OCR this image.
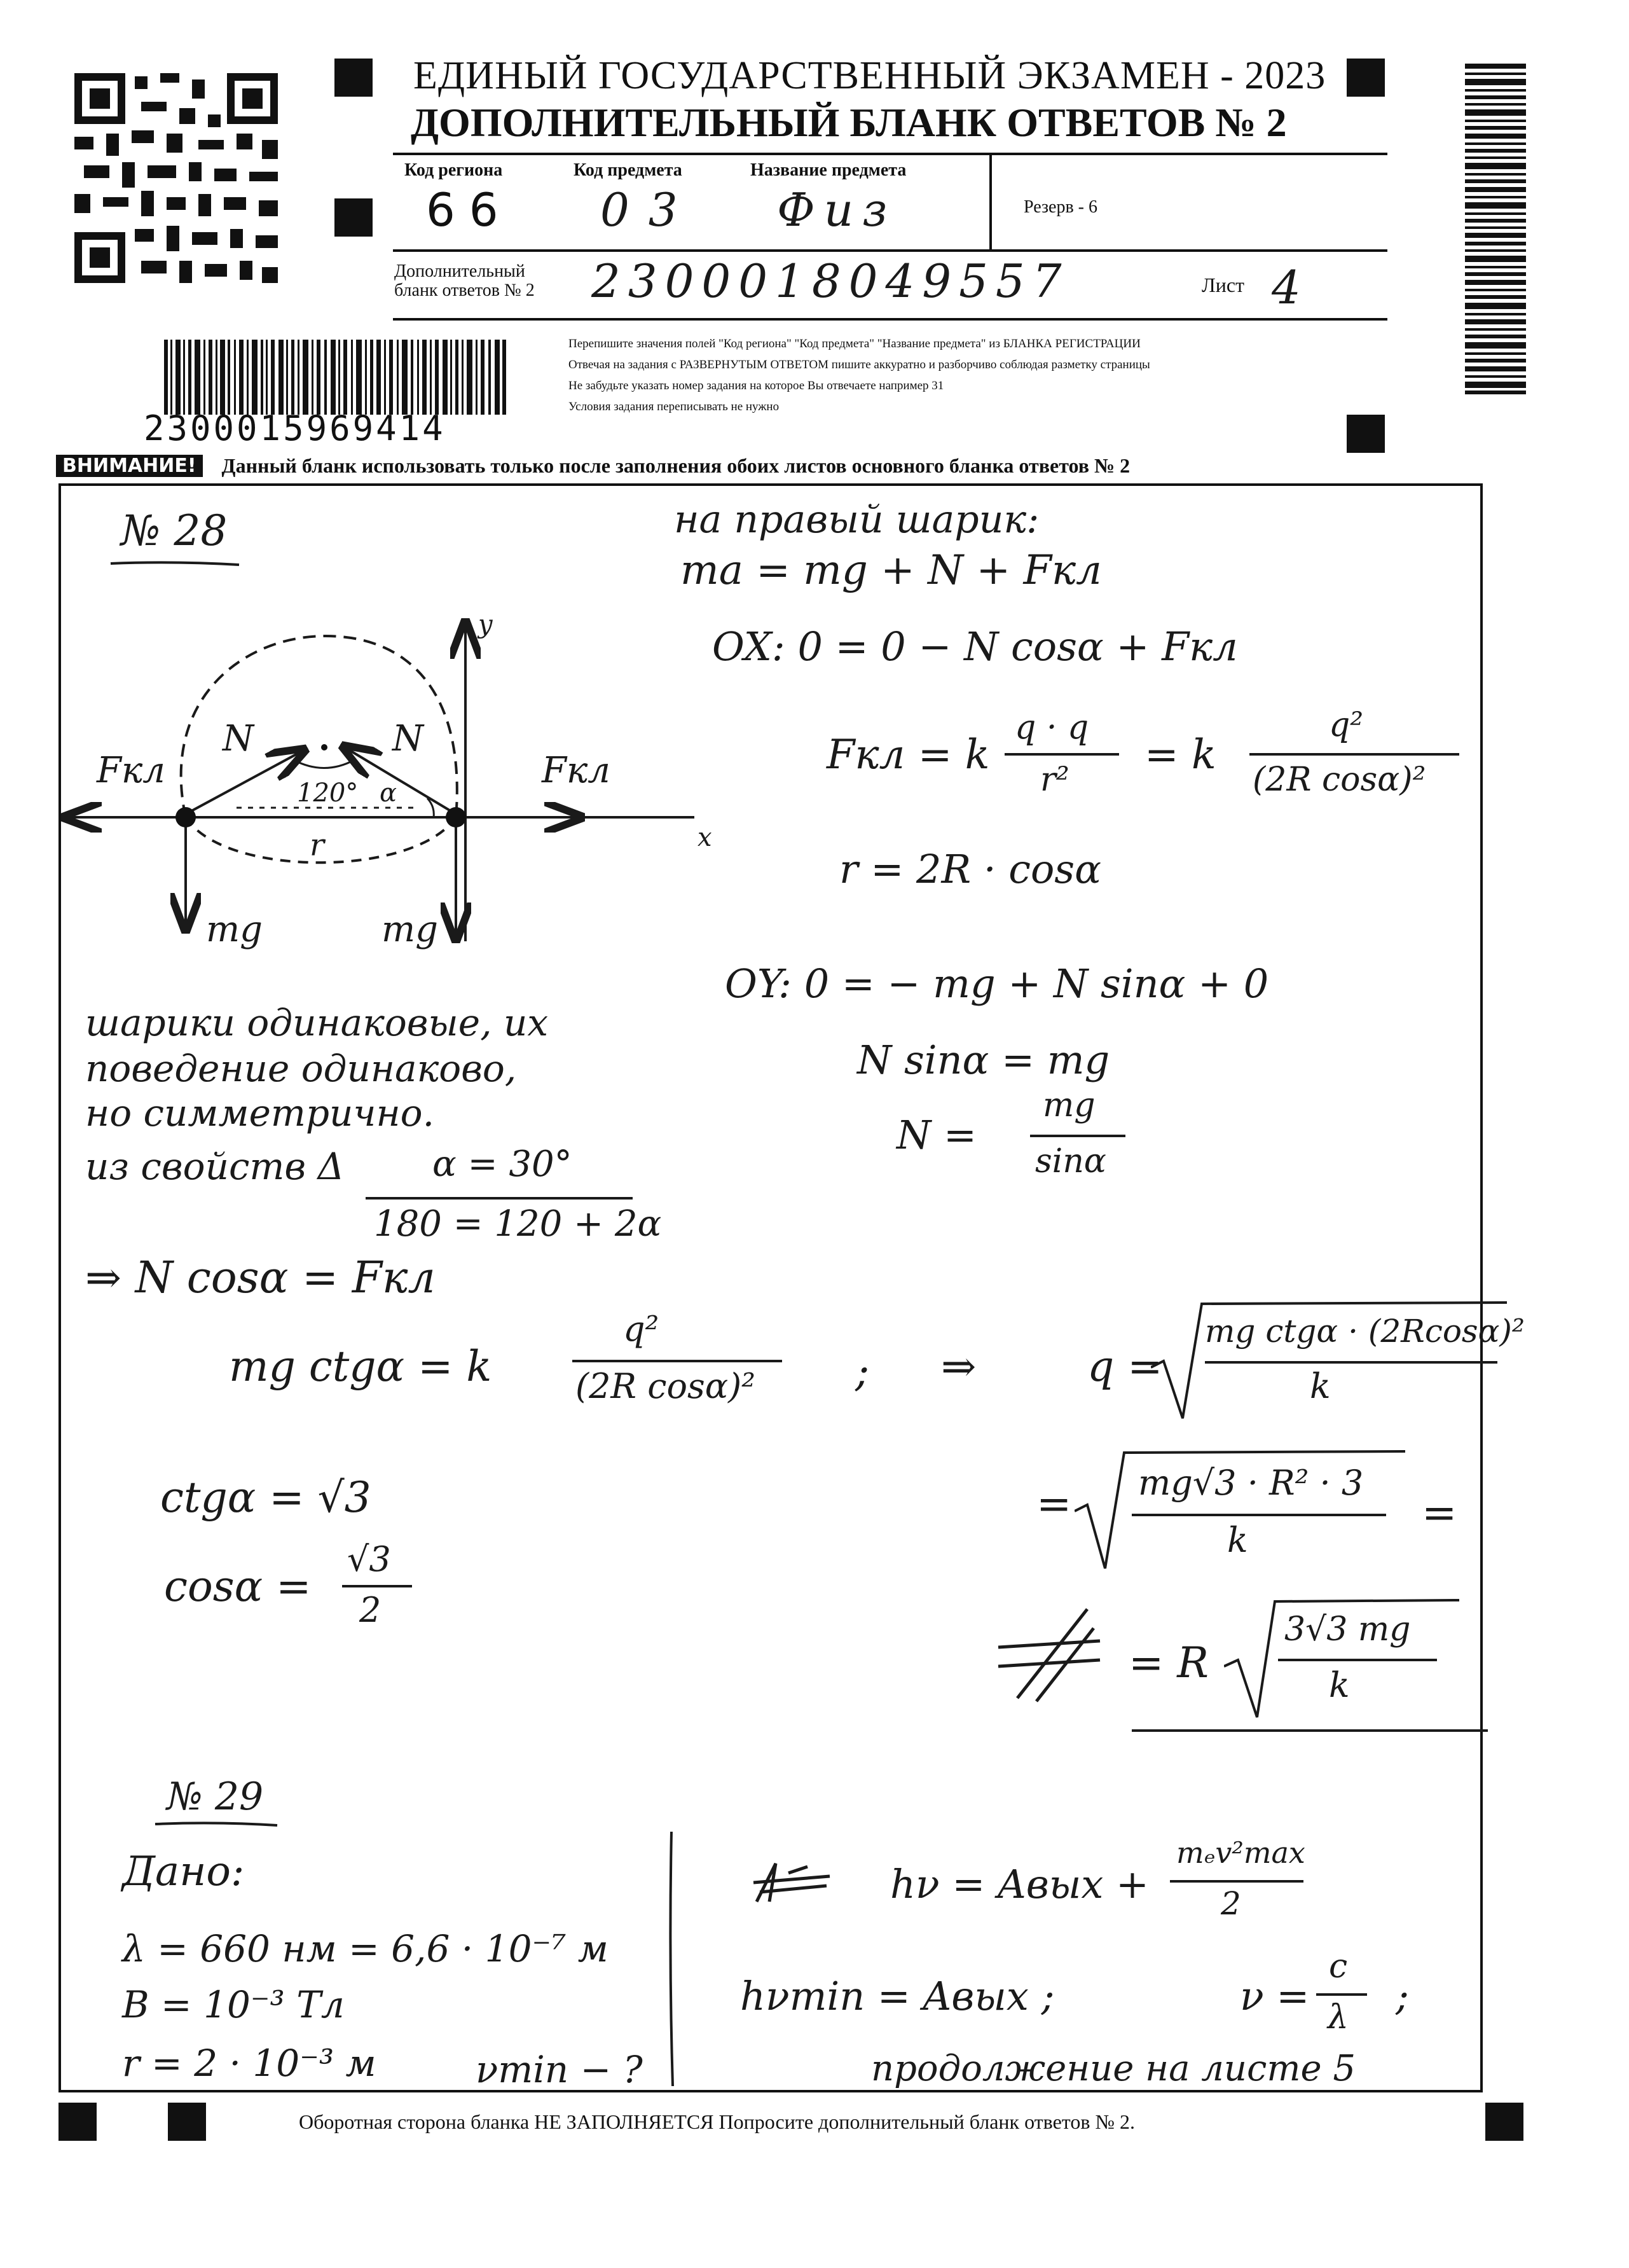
ЕДИНЫЙ ГОСУДАРСТВЕННЫЙ ЭКЗАМЕН - 2023
ДОПОЛНИТЕЛЬНЫЙ БЛАНК ОТВЕТОВ № 2
Код региона
66
Код предмета
03
Название предмета
Физ	Резерв - 6
Дополнительный
бланк ответов № 2 2300018049557	Лист 4
2300015969414
Перепишите значения полей "Код региона" "Код предмета" "Название предмета" из БЛАНКА РЕГИСТРАЦИИ
Отвечая на задания с РАЗВЕРНУТЫМ ОТВЕТОМ пишите аккуратно и разборчиво соблюдая разметку страницы
Не забудьте указать номер задания на которое Вы отвечаете например 31
Условия задания переписывать не нужно
ВНИМАНИЕ!	Данный бланк использовать только после заполнения обоих листов основного бланка ответов № 2
№ 28
Fкл
N	N
Fкл
mg	mg
120° α
r	x
y
шарики одинаковые, их
поведение одинаково,
но симметрично.
из свойств Δ α = 30°
180 = 120 + 2α
на правый шарик:
ma = mg + N + Fкл
OX: 0 = 0 − N cosα + Fкл
Fкл = k
q · q
r²
= k
q²
(2R cosα)²
r = 2R · cosα
OY: 0 = − mg + N sinα + 0
N sinα = mg
N =
mg
sinα
⇒ N cosα = Fкл
mg ctgα = k
q²
(2R cosα)² ; ⇒	q =
mg ctgα · (2Rcosα)²
k
ctgα = √3
cosα =
√3
2
= mg√3 · R² · 3
k
=
= R
3√3 mg
k
№ 29
Дано:
λ = 660 нм = 6,6 · 10⁻⁷ м
B = 10⁻³ Тл
r = 2 · 10⁻³ м	νmin − ?
hν = Aвых +
mₑv²max
2
hνmin = Aвых ;	ν =
c
λ ;
продолжение на листе 5
Оборотная сторона бланка НЕ ЗАПОЛНЯЕТСЯ Попросите дополнительный бланк ответов № 2.
